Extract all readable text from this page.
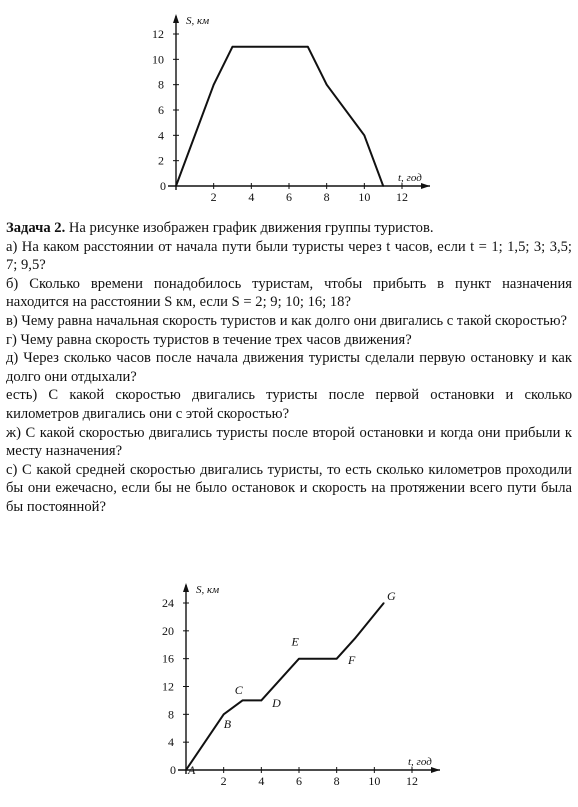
2	4	6	8 10 12
2
4
6
8
10
12
0
S, км
t, год

Задача 2. На рисунке изображен график движения группы туристов.

а) На каком расстоянии от начала пути были туристы через t часов, если t = 1; 1,5; 3; 3,5; 7; 9,5?

б) Сколько времени понадобилось туристам, чтобы прибыть в пункт назначения находится на расстоянии S км, если S = 2; 9; 10; 16; 18?

в) Чему равна начальная скорость туристов и как долго они двигались с такой скоростью?

г) Чему равна скорость туристов в течение трех часов движения?

д) Через сколько часов после начала движения туристы сделали первую остановку и как долго они отдыхали?

есть) С какой скоростью двигались туристы после первой остановки и сколько километров двигались они с этой скоростью?

ж) С какой скоростью двигались туристы после второй остановки и когда они прибыли к месту назначения?

с) С какой средней скоростью двигались туристы, то есть сколько километров проходили бы они ежечасно, если бы не было остановок и скорость на протяжении всего пути была бы постоянной?

2	4	6	8 10 12
4
8
12
16
20
24
0
S, км
t, год
A
B
C
D
E
F
G
